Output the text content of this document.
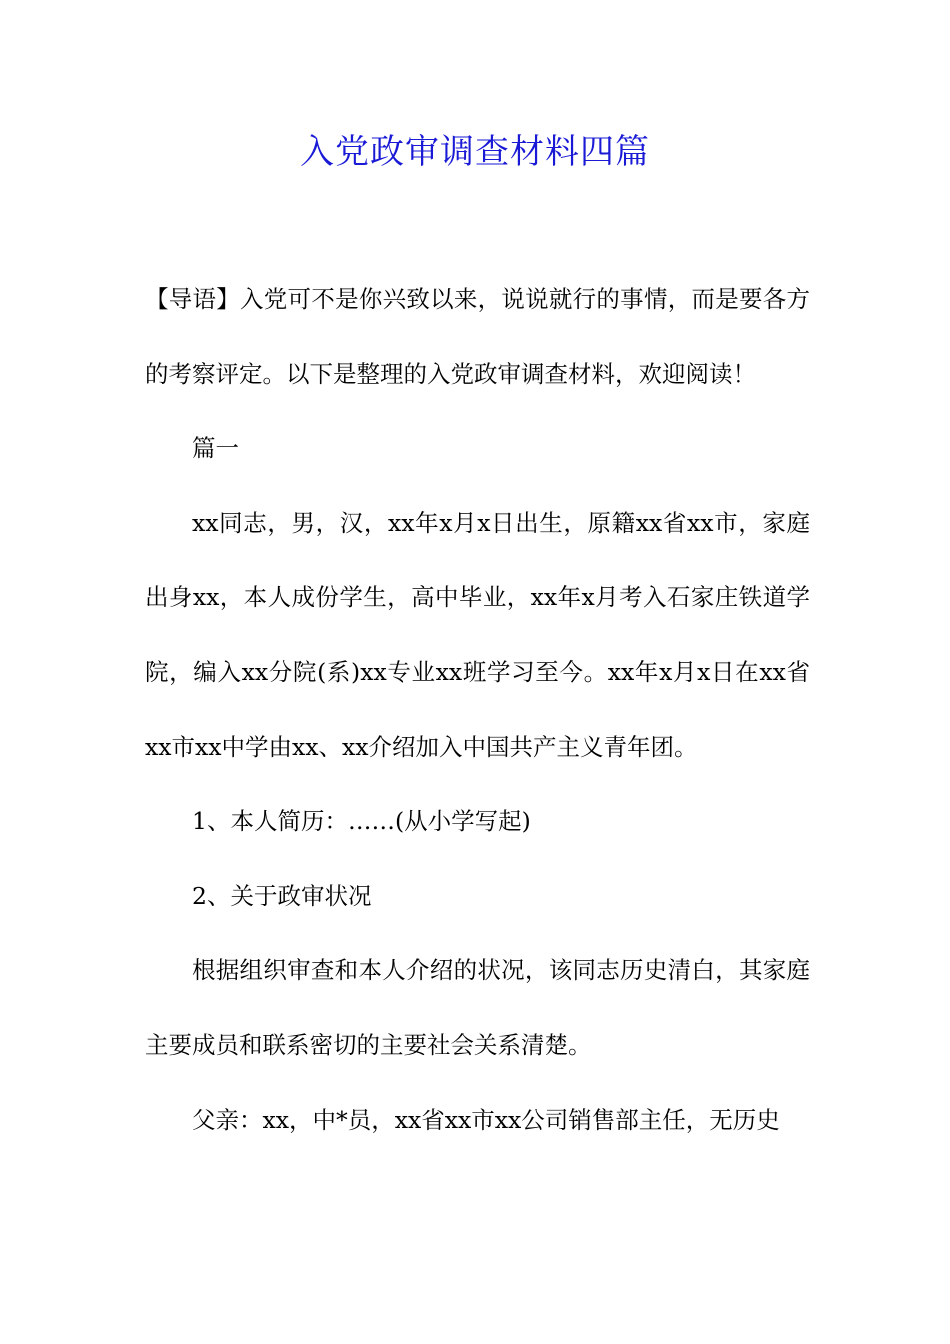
入党政审调查材料四篇

【导语】入党可不是你兴致以来，说说就行的事情，而是要各方的考察评定。以下是整理的入党政审调查材料，欢迎阅读！

篇一

xx同志，男，汉，xx年x月x日出生，原籍xx省xx市，家庭出身xx，本人成份学生，高中毕业，xx年x月考入石家庄铁道学院，编入xx分院(系)xx专业xx班学习至今。xx年x月x日在xx省xx市xx中学由xx、xx介绍加入中国共产主义青年团。

1、本人简历：……(从小学写起)

2、关于政审状况

根据组织审查和本人介绍的状况，该同志历史清白，其家庭主要成员和联系密切的主要社会关系清楚。

父亲：xx，中*员，xx省xx市xx公司销售部主任，无历史
